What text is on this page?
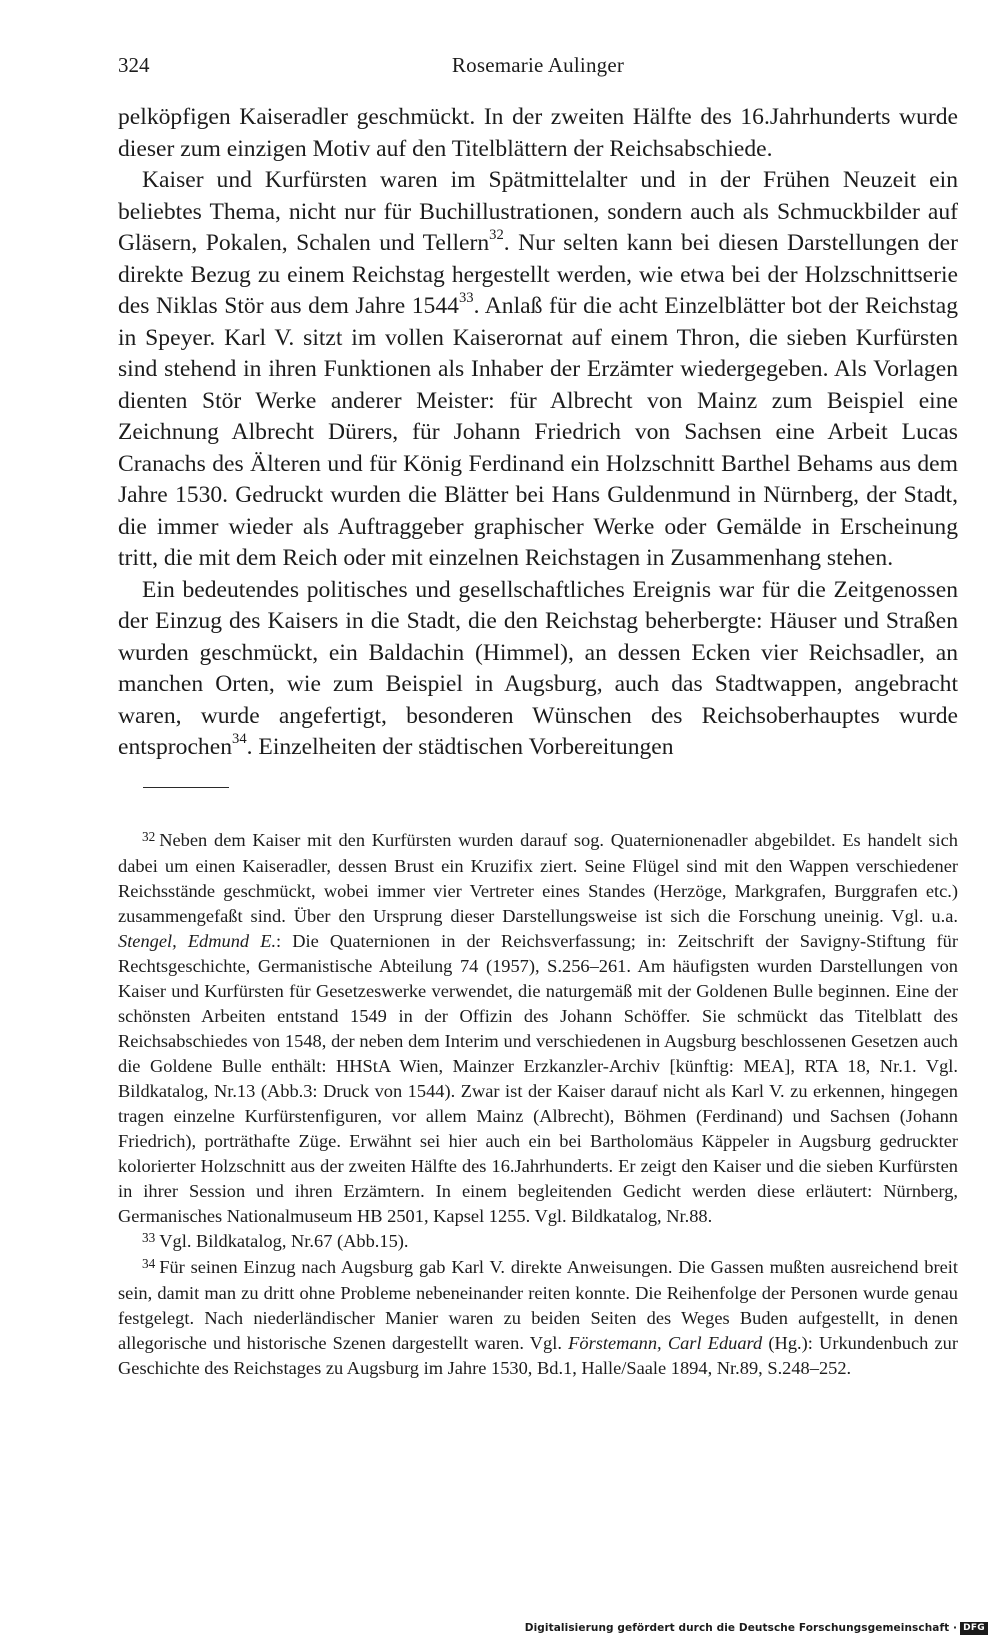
324	Rosemarie Aulinger

pelköpfigen Kaiseradler geschmückt. In der zweiten Hälfte des 16.Jahrhunderts wurde dieser zum einzigen Motiv auf den Titelblättern der Reichsabschiede.

Kaiser und Kurfürsten waren im Spätmittelalter und in der Frühen Neuzeit ein beliebtes Thema, nicht nur für Buchillustrationen, sondern auch als Schmuckbilder auf Gläsern, Pokalen, Schalen und Tellern$^{32}$. Nur selten kann bei diesen Darstellungen der direkte Bezug zu einem Reichstag hergestellt werden, wie etwa bei der Holzschnittserie des Niklas Stör aus dem Jahre 1544$^{33}$. Anlaß für die acht Einzelblätter bot der Reichstag in Speyer. Karl V. sitzt im vollen Kaiserornat auf einem Thron, die sieben Kurfürsten sind stehend in ihren Funktionen als Inhaber der Erzämter wiedergegeben. Als Vorlagen dienten Stör Werke anderer Meister: für Albrecht von Mainz zum Beispiel eine Zeichnung Albrecht Dürers, für Johann Friedrich von Sachsen eine Arbeit Lucas Cranachs des Älteren und für König Ferdinand ein Holzschnitt Barthel Behams aus dem Jahre 1530. Gedruckt wurden die Blätter bei Hans Guldenmund in Nürnberg, der Stadt, die immer wieder als Auftraggeber graphischer Werke oder Gemälde in Erscheinung tritt, die mit dem Reich oder mit einzelnen Reichstagen in Zusammenhang stehen.

Ein bedeutendes politisches und gesellschaftliches Ereignis war für die Zeitgenossen der Einzug des Kaisers in die Stadt, die den Reichstag beherbergte: Häuser und Straßen wurden geschmückt, ein Baldachin (Himmel), an dessen Ecken vier Reichsadler, an manchen Orten, wie zum Beispiel in Augsburg, auch das Stadtwappen, angebracht waren, wurde angefertigt, besonderen Wünschen des Reichsoberhauptes wurde entsprochen$^{34}$. Einzelheiten der städtischen Vorbereitungen

$^{32}$ Neben dem Kaiser mit den Kurfürsten wurden darauf sog. Quaternionenadler abgebildet. Es handelt sich dabei um einen Kaiseradler, dessen Brust ein Kruzifix ziert. Seine Flügel sind mit den Wappen verschiedener Reichsstände geschmückt, wobei immer vier Vertreter eines Standes (Herzöge, Markgrafen, Burggrafen etc.) zusammengefaßt sind. Über den Ursprung dieser Darstellungsweise ist sich die Forschung uneinig. Vgl. u.a. Stengel, Edmund E.: Die Quaternionen in der Reichsverfassung; in: Zeitschrift der Savigny-Stiftung für Rechtsgeschichte, Germanistische Abteilung 74 (1957), S.256–261. Am häufigsten wurden Darstellungen von Kaiser und Kurfürsten für Gesetzeswerke verwendet, die naturgemäß mit der Goldenen Bulle beginnen. Eine der schönsten Arbeiten entstand 1549 in der Offizin des Johann Schöffer. Sie schmückt das Titelblatt des Reichsabschiedes von 1548, der neben dem Interim und verschiedenen in Augsburg beschlossenen Gesetzen auch die Goldene Bulle enthält: HHStA Wien, Mainzer Erzkanzler-Archiv [künftig: MEA], RTA 18, Nr.1. Vgl. Bildkatalog, Nr.13 (Abb.3: Druck von 1544). Zwar ist der Kaiser darauf nicht als Karl V. zu erkennen, hingegen tragen einzelne Kurfürstenfiguren, vor allem Mainz (Albrecht), Böhmen (Ferdinand) und Sachsen (Johann Friedrich), porträthafte Züge. Erwähnt sei hier auch ein bei Bartholomäus Käppeler in Augsburg gedruckter kolorierter Holzschnitt aus der zweiten Hälfte des 16.Jahrhunderts. Er zeigt den Kaiser und die sieben Kurfürsten in ihrer Session und ihren Erzämtern. In einem begleitenden Gedicht werden diese erläutert: Nürnberg, Germanisches Nationalmuseum HB 2501, Kapsel 1255. Vgl. Bildkatalog, Nr.88.

$^{33}$ Vgl. Bildkatalog, Nr.67 (Abb.15).

$^{34}$ Für seinen Einzug nach Augsburg gab Karl V. direkte Anweisungen. Die Gassen mußten ausreichend breit sein, damit man zu dritt ohne Probleme nebeneinander reiten konnte. Die Reihenfolge der Personen wurde genau festgelegt. Nach niederländischer Manier waren zu beiden Seiten des Weges Buden aufgestellt, in denen allegorische und historische Szenen dargestellt waren. Vgl. Förstemann, Carl Eduard (Hg.): Urkundenbuch zur Geschichte des Reichstages zu Augsburg im Jahre 1530, Bd.1, Halle/Saale 1894, Nr.89, S.248–252.

Digitalisierung gefördert durch die Deutsche Forschungsgemeinschaft · DFG
